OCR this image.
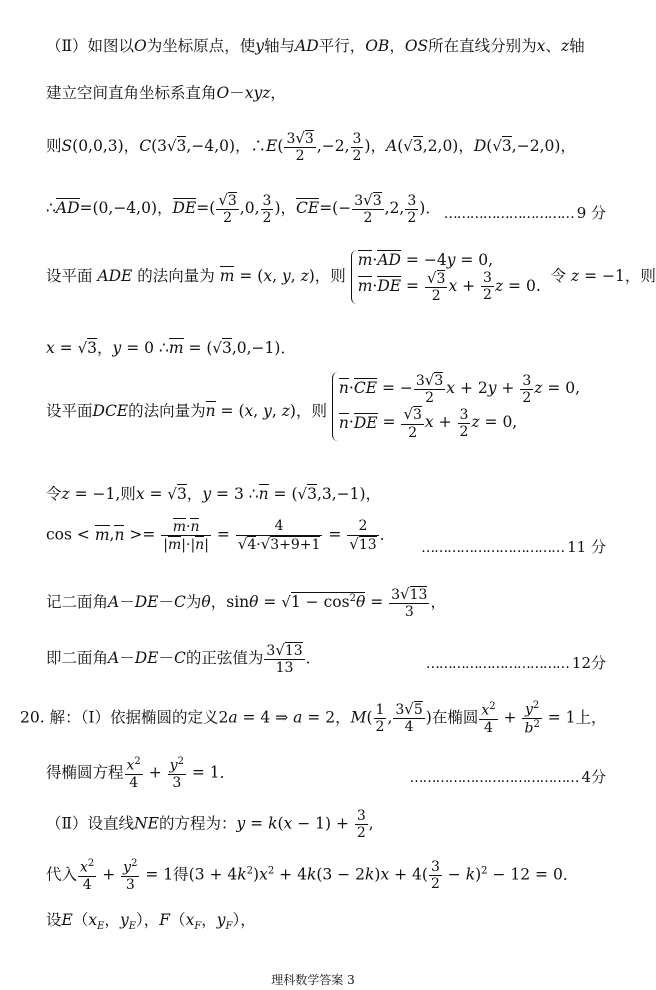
（Ⅱ）如图以O为坐标原点，使y轴与AD平行，OB，OS所在直线分别为x、z轴
建立空间直角坐标系直角O－xyz，
则S(0,0,3)，C(3√3,−4,0)，∴E( $\frac{3√3}{2} ,-2$, $\frac{3}{2}$ )，A(√3,2,0)，D(√3,−2,0)，
∴AD=(0,−4,0)，$DE=( \frac{√3}{2} ,0$, $\frac{3}{2}$ )，$CE=(- \frac{3√3}{2} ,2$, $\frac{3}{2}$ )． ………………………… 9 分
设平面 ADE 的法向量为 m = (x, y, z)，则
m·AD = −4y = 0,
$m\cdot DE = \frac{√3}{2}$ $x + \frac{3}{2}$ z = 0.
令 z = −1，则
x = √3，y = 0 ∴m = (√3,0,−1)．
设平面DCE的法向量为n = (x, y, z)，则
n·CE = − $\frac{3√3}{2}$ $x + 2y + \frac{3}{2}$ z = 0,
$n\cdot DE = \frac{√3}{2}$ $x + \frac{3}{2}$ z = 0,
令z = −1,则x = √3，y = 3 ∴n = (√3,3,−1)，
$\cos < m,n >= \frac{m\cdot n}{|m|\cdot|n|} = \frac{4}{√4\cdot√3+9+1} = \frac{2}{√13}$ ．
…………………………… 11 分
记二面角A－DE－C为θ，$\sin\theta = √1 - \cos^2\theta = \frac{3√13}{3}$ ，
即二面角A－DE－C的正弦值为 $\frac{3√13}{13}$ ．	…………………………… 12分
20. 解：（Ⅰ）依据椭圆的定义2a = 4 ⇒ a = 2，$M( \frac{1}{2}$ , $\frac{3√5}{4}$ )在椭圆 $\frac{x^2}{4} + \frac{y^2}{b^2} = 1$上，
得椭圆方程 $\frac{x^2}{4} + \frac{y^2}{3} = 1$．	………………………………… 4分
（Ⅱ）设直线NE的方程为：$y = k(x - 1) + \frac{3}{2}$ ,
代入 $\frac{x^2}{4} + \frac{y^2}{3} = 1$得$(3 + 4k^2)x^2 + 4k(3 - 2k)x + 4( \frac{3}{2} - k)^2 - 12 = 0$．
设$E(x_E$，$y_E$），$F(x_F$，$y_F$），
理科数学答案 3
